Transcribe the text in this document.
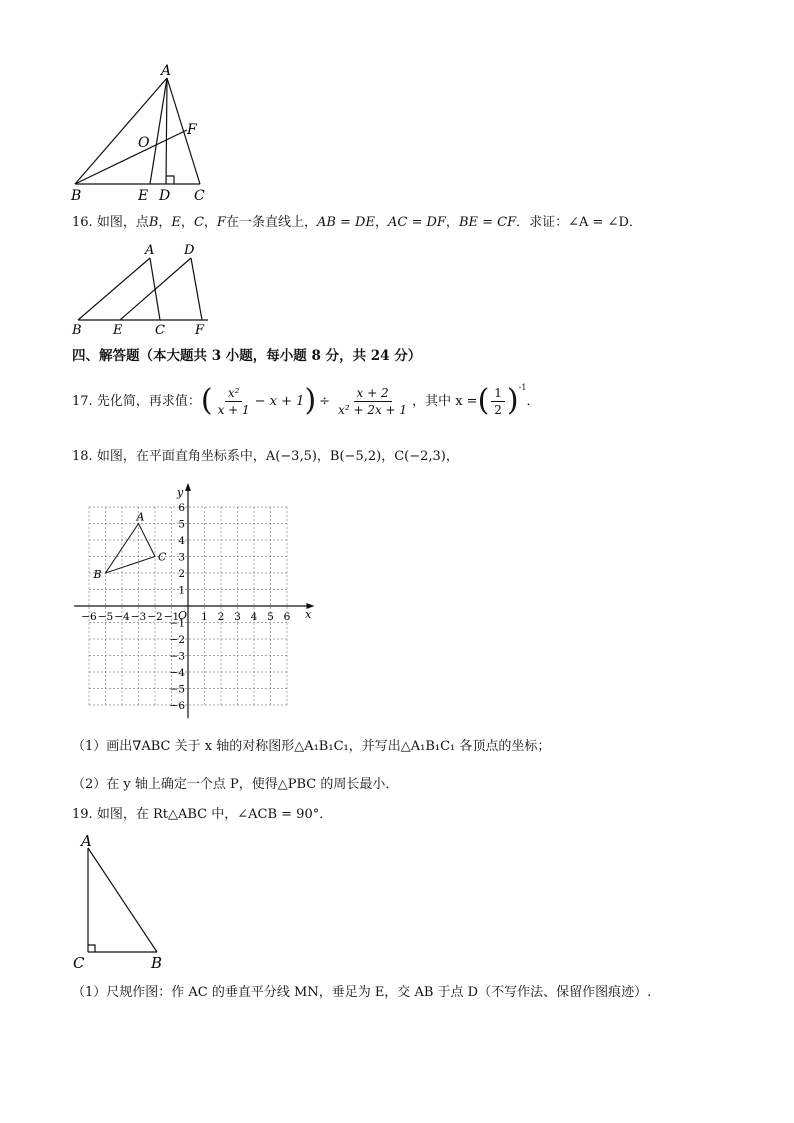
A
F
O
B	E D C
16. 如图，点B，E，C，F在一条直线上，AB = DE，AC = DF，BE = CF．求证：∠A = ∠D．
A D
B E	C F
四、解答题（本大题共 3 小题，每小题 8 分，共 24 分）
17.
先化简，再求值： ( $\frac{\text{x²}}{x + 1} - x + 1$ ) ÷ $\frac{x + 2}{\text{x² + 2x + 1}}$ ，其中 x = ( $\frac{1}{2}$ ) -1
．
18. 如图，在平面直角坐标系中，A(−3,5)，B(−5,2)，C(−2,3)，
x
y
O
−6 −5 −4 −3 −2 −1 1 2 3 4 5 6
6
5
4
3
2
1
−1
−2
−3
−4
−5
−6
A
B
C
（1）画出∇ABC 关于 x 轴的对称图形△A₁B₁C₁，并写出△A₁B₁C₁ 各顶点的坐标；
（2）在 y 轴上确定一个点 P，使得△PBC 的周长最小．
19. 如图，在 Rt△ABC 中，∠ACB = 90°．
A
C	B
（1）尺规作图：作 AC 的垂直平分线 MN，垂足为 E，交 AB 于点 D（不写作法、保留作图痕迹）.
